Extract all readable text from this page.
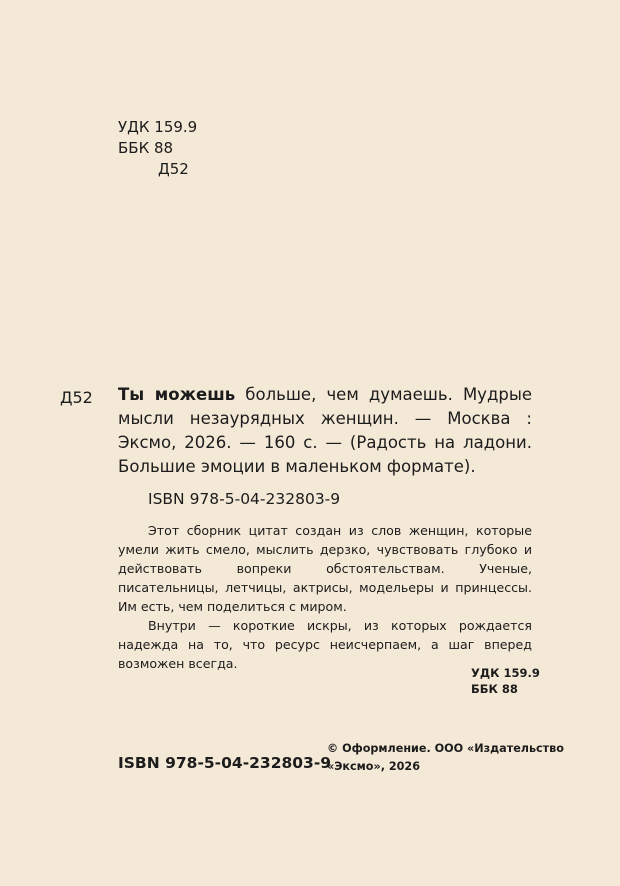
УДК 159.9
ББК 88
Д52
Д52 Ты можешь больше, чем думаешь. Мудрые мысли незаурядных женщин. — Москва : Эксмо, 2026. — 160 с. — (Радость на ладони. Большие эмоции в маленьком формате).
ISBN 978-5-04-232803-9

Этот сборник цитат создан из слов женщин, которые умели жить смело, мыслить дерзко, чувствовать глубоко и действовать вопреки обстоятельствам. Ученые, писательницы, летчицы, актрисы, модельеры и принцессы. Им есть, чем поделиться с миром.

Внутри — короткие искры, из которых рождается надежда на то, что ресурс неисчерпаем, а шаг вперед возможен всегда.

УДК 159.9
ББК 88
© Оформление. ООО «Издательство «Эксмо», 2026
ISBN 978-5-04-232803-9
